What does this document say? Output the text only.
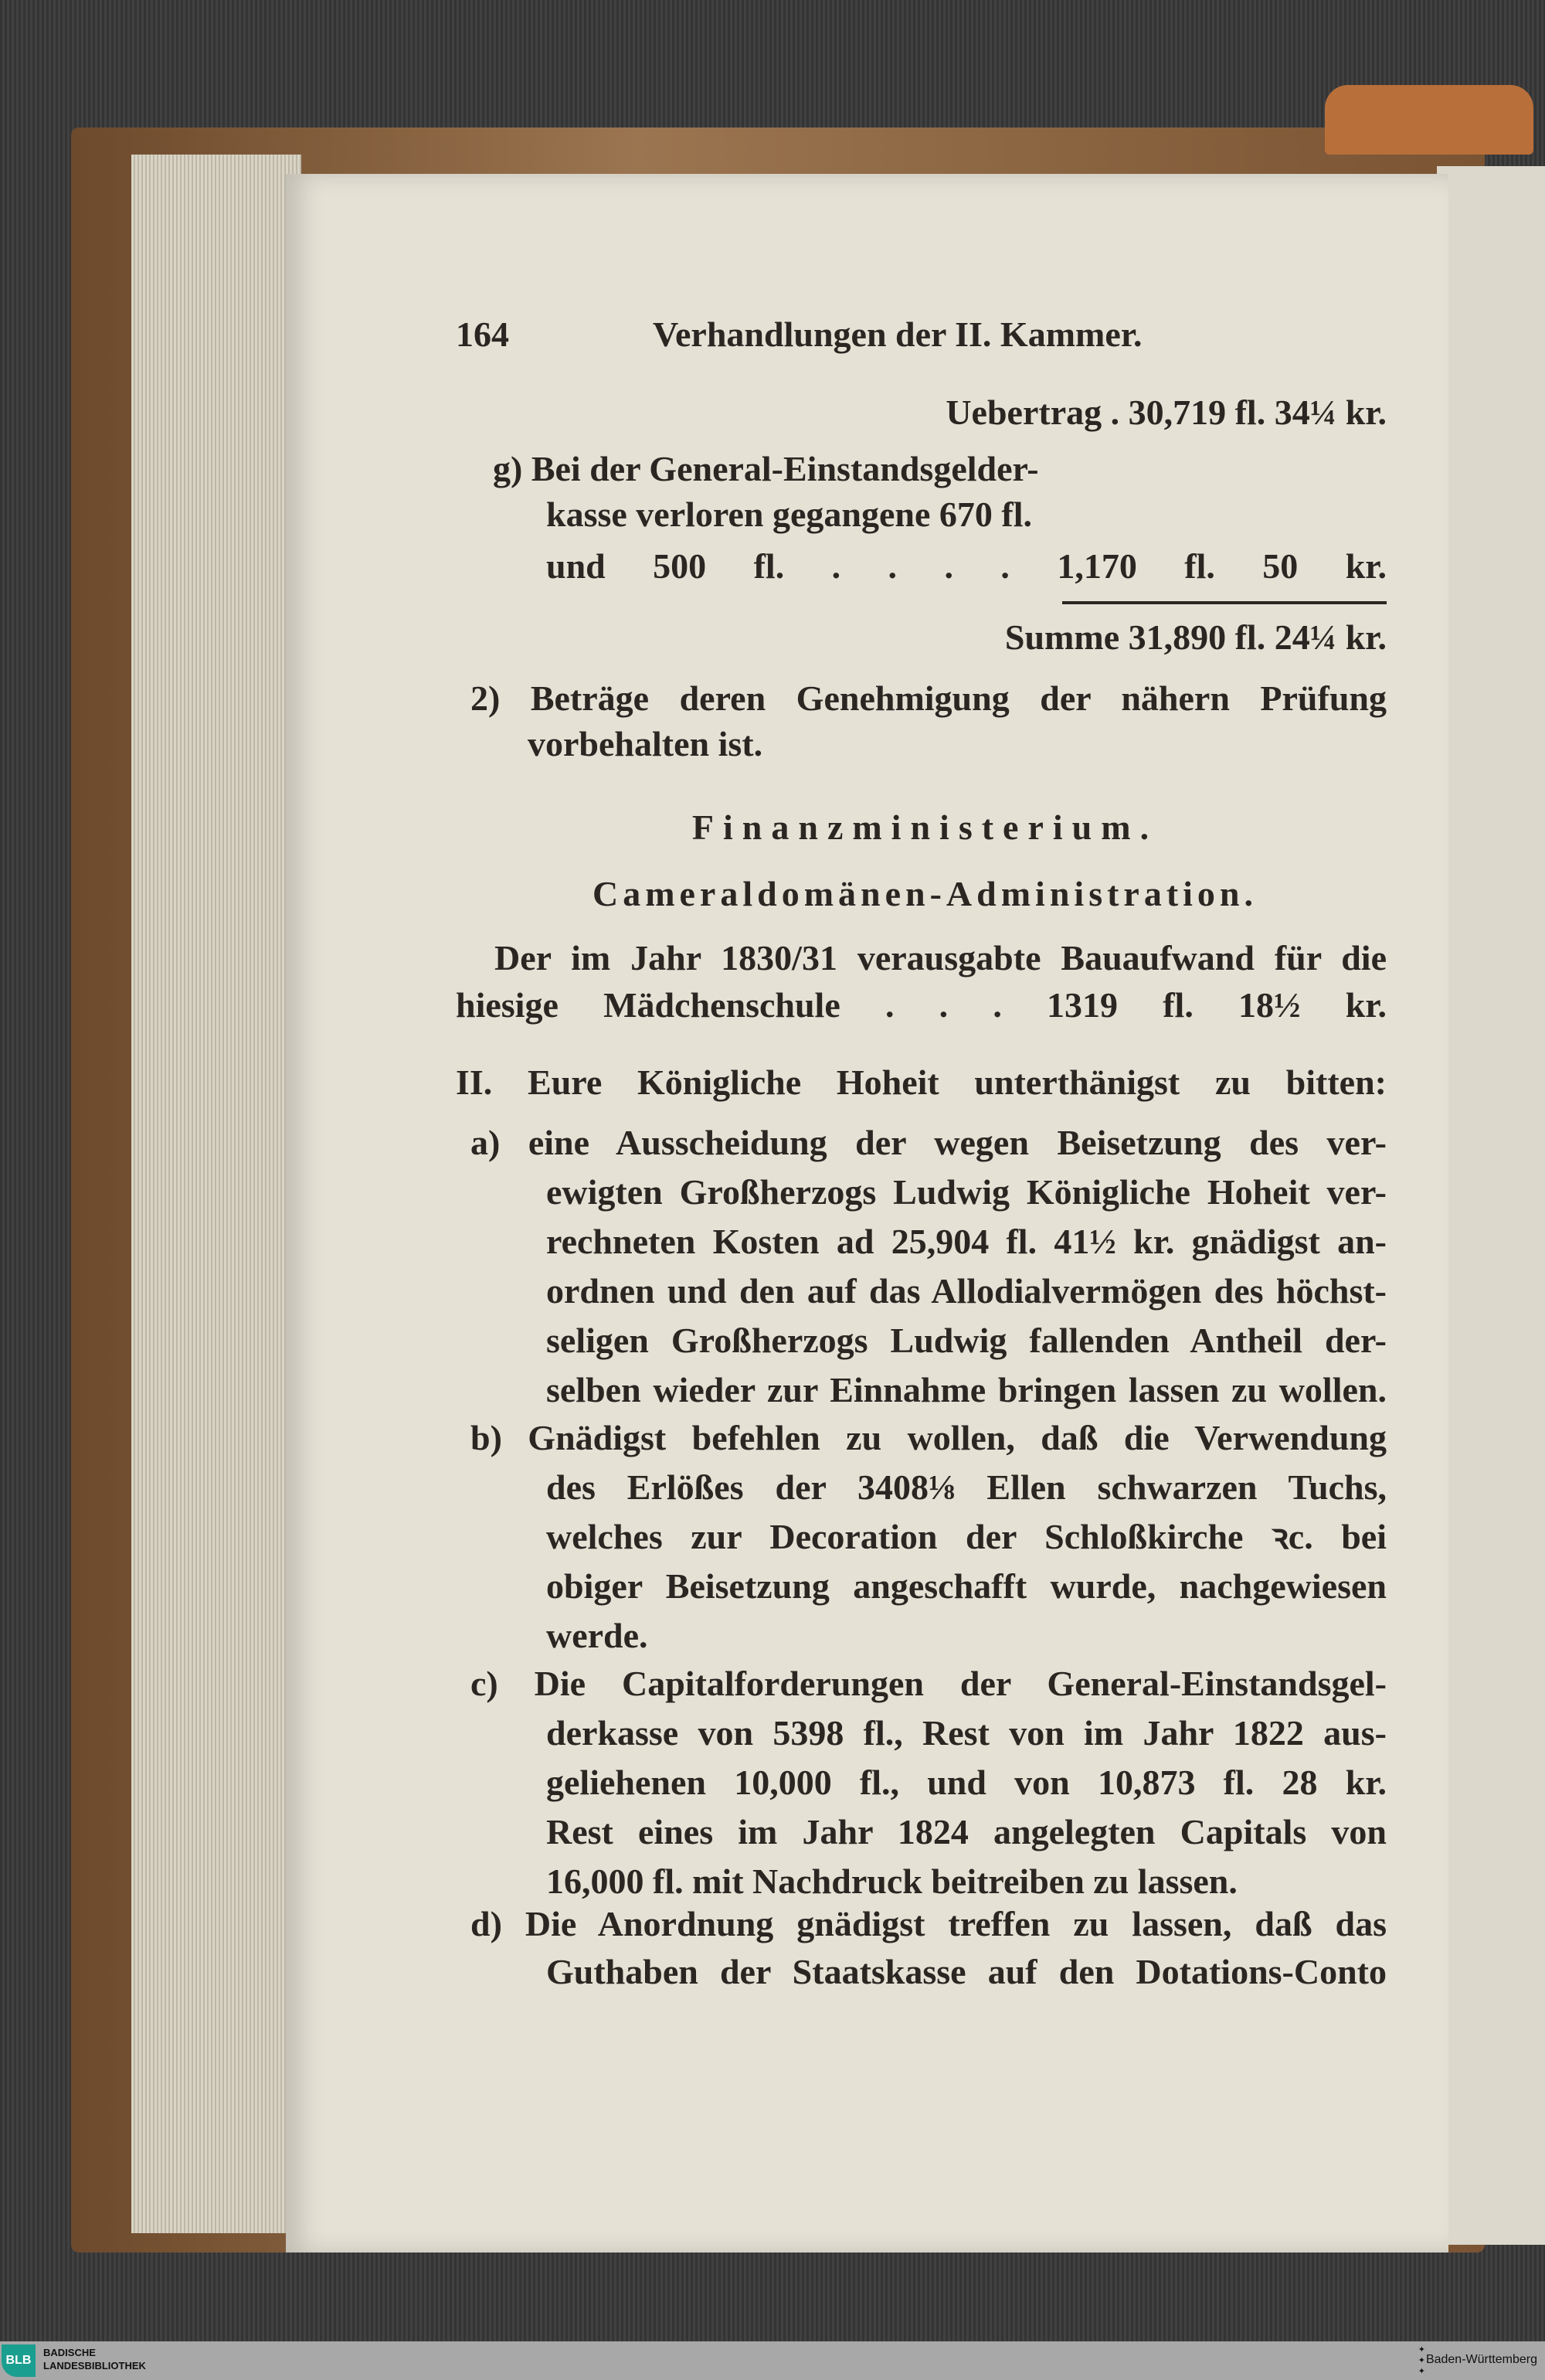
164	Verhandlungen der II. Kammer.
Uebertrag . 30,719 fl. 34¼ kr.
g) Bei der General-Einstandsgelder-
kasse verloren gegangene 670 fl.
und 500 fl. . . . . 1,170 fl. 50 kr.
Summe 31,890 fl. 24¼ kr.
2) Beträge deren Genehmigung der nähern Prüfung
vorbehalten ist.
Finanzministerium.
Cameraldomänen-Administration.
Der im Jahr 1830/31 verausgabte Bauaufwand für die
hiesige Mädchenschule . . . 1319 fl. 18½ kr.
II. Eure Königliche Hoheit unterthänigst zu bitten:
a) eine Ausscheidung der wegen Beisetzung des ver-
ewigten Großherzogs Ludwig Königliche Hoheit ver-
rechneten Kosten ad 25,904 fl. 41½ kr. gnädigst an-
ordnen und den auf das Allodialvermögen des höchst-
seligen Großherzogs Ludwig fallenden Antheil der-
selben wieder zur Einnahme bringen lassen zu wollen.
b) Gnädigst befehlen zu wollen, daß die Verwendung
des Erlößes der 3408⅛ Ellen schwarzen Tuchs,
welches zur Decoration der Schloßkirche ꝛc. bei
obiger Beisetzung angeschafft wurde, nachgewiesen
werde.
c) Die Capitalforderungen der General-Einstandsgel-
derkasse von 5398 fl., Rest von im Jahr 1822 aus-
geliehenen 10,000 fl., und von 10,873 fl. 28 kr.
Rest eines im Jahr 1824 angelegten Capitals von
16,000 fl. mit Nachdruck beitreiben zu lassen.
d) Die Anordnung gnädigst treffen zu lassen, daß das
Guthaben der Staatskasse auf den Dotations-Conto
BLB
BADISCHE
LANDESBIBLIOTHEK
✦
✦
✦
Baden-Württemberg
